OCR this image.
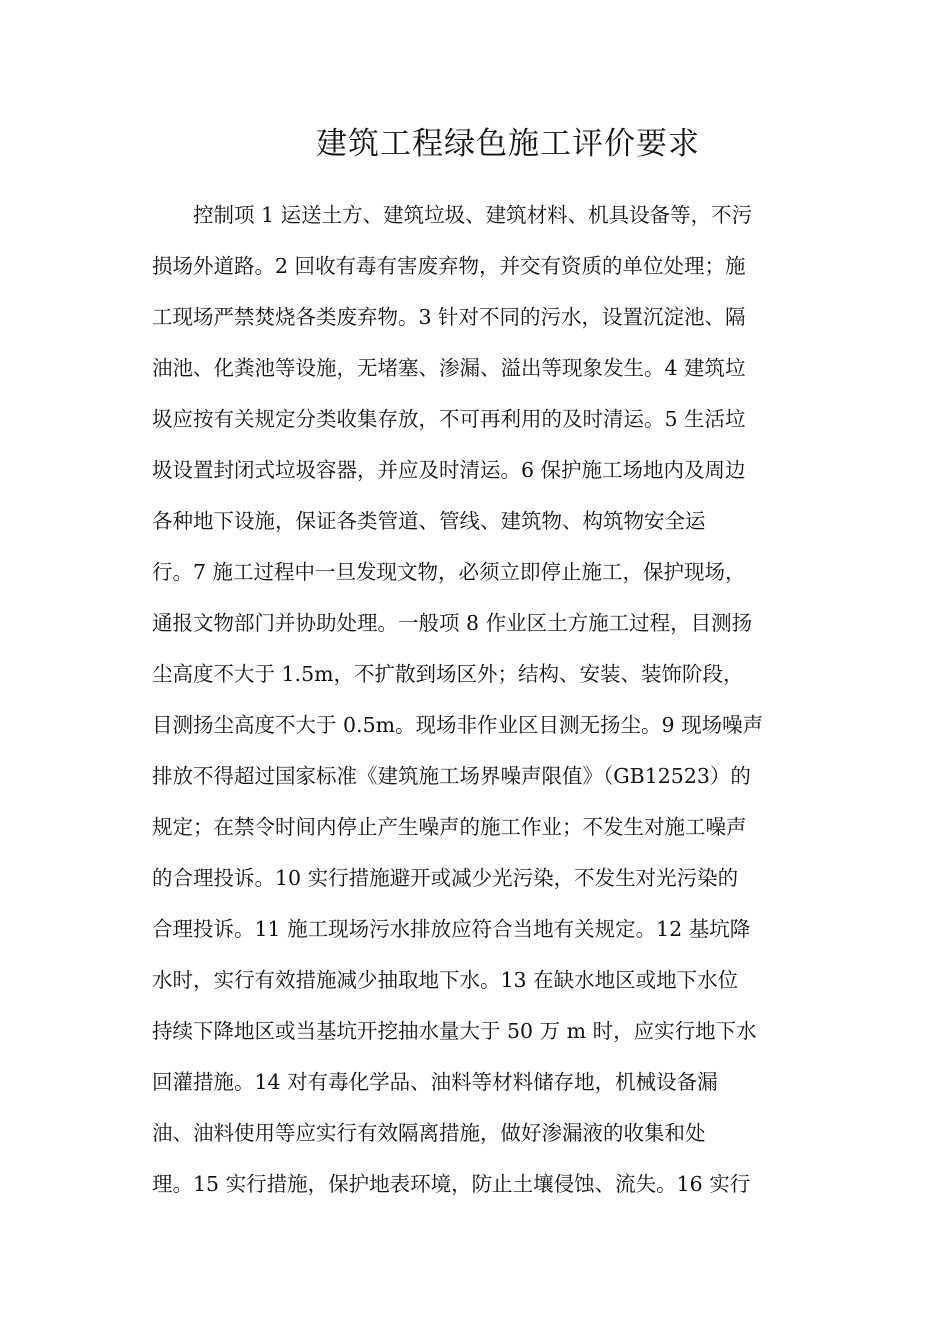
建筑工程绿色施工评价要求
控制项 1 运送土方、建筑垃圾、建筑材料、机具设备等，不污
损场外道路。2 回收有毒有害废弃物，并交有资质的单位处理；施
工现场严禁焚烧各类废弃物。3 针对不同的污水，设置沉淀池、隔
油池、化粪池等设施，无堵塞、渗漏、溢出等现象发生。4 建筑垃
圾应按有关规定分类收集存放，不可再利用的及时清运。5 生活垃
圾设置封闭式垃圾容器，并应及时清运。6 保护施工场地内及周边
各种地下设施，保证各类管道、管线、建筑物、构筑物安全运
行。7 施工过程中一旦发现文物，必须立即停止施工，保护现场，
通报文物部门并协助处理。一般项 8 作业区土方施工过程，目测扬
尘高度不大于 1.5m，不扩散到场区外；结构、安装、装饰阶段，
目测扬尘高度不大于 0.5m。现场非作业区目测无扬尘。9 现场噪声
排放不得超过国家标准《建筑施工场界噪声限值》（GB12523）的
规定；在禁令时间内停止产生噪声的施工作业；不发生对施工噪声
的合理投诉。10 实行措施避开或减少光污染，不发生对光污染的
合理投诉。11 施工现场污水排放应符合当地有关规定。12 基坑降
水时，实行有效措施减少抽取地下水。13 在缺水地区或地下水位
持续下降地区或当基坑开挖抽水量大于 50 万 m 时，应实行地下水
回灌措施。14 对有毒化学品、油料等材料储存地，机械设备漏
油、油料使用等应实行有效隔离措施，做好渗漏液的收集和处
理。15 实行措施，保护地表环境，防止土壤侵蚀、流失。16 实行
